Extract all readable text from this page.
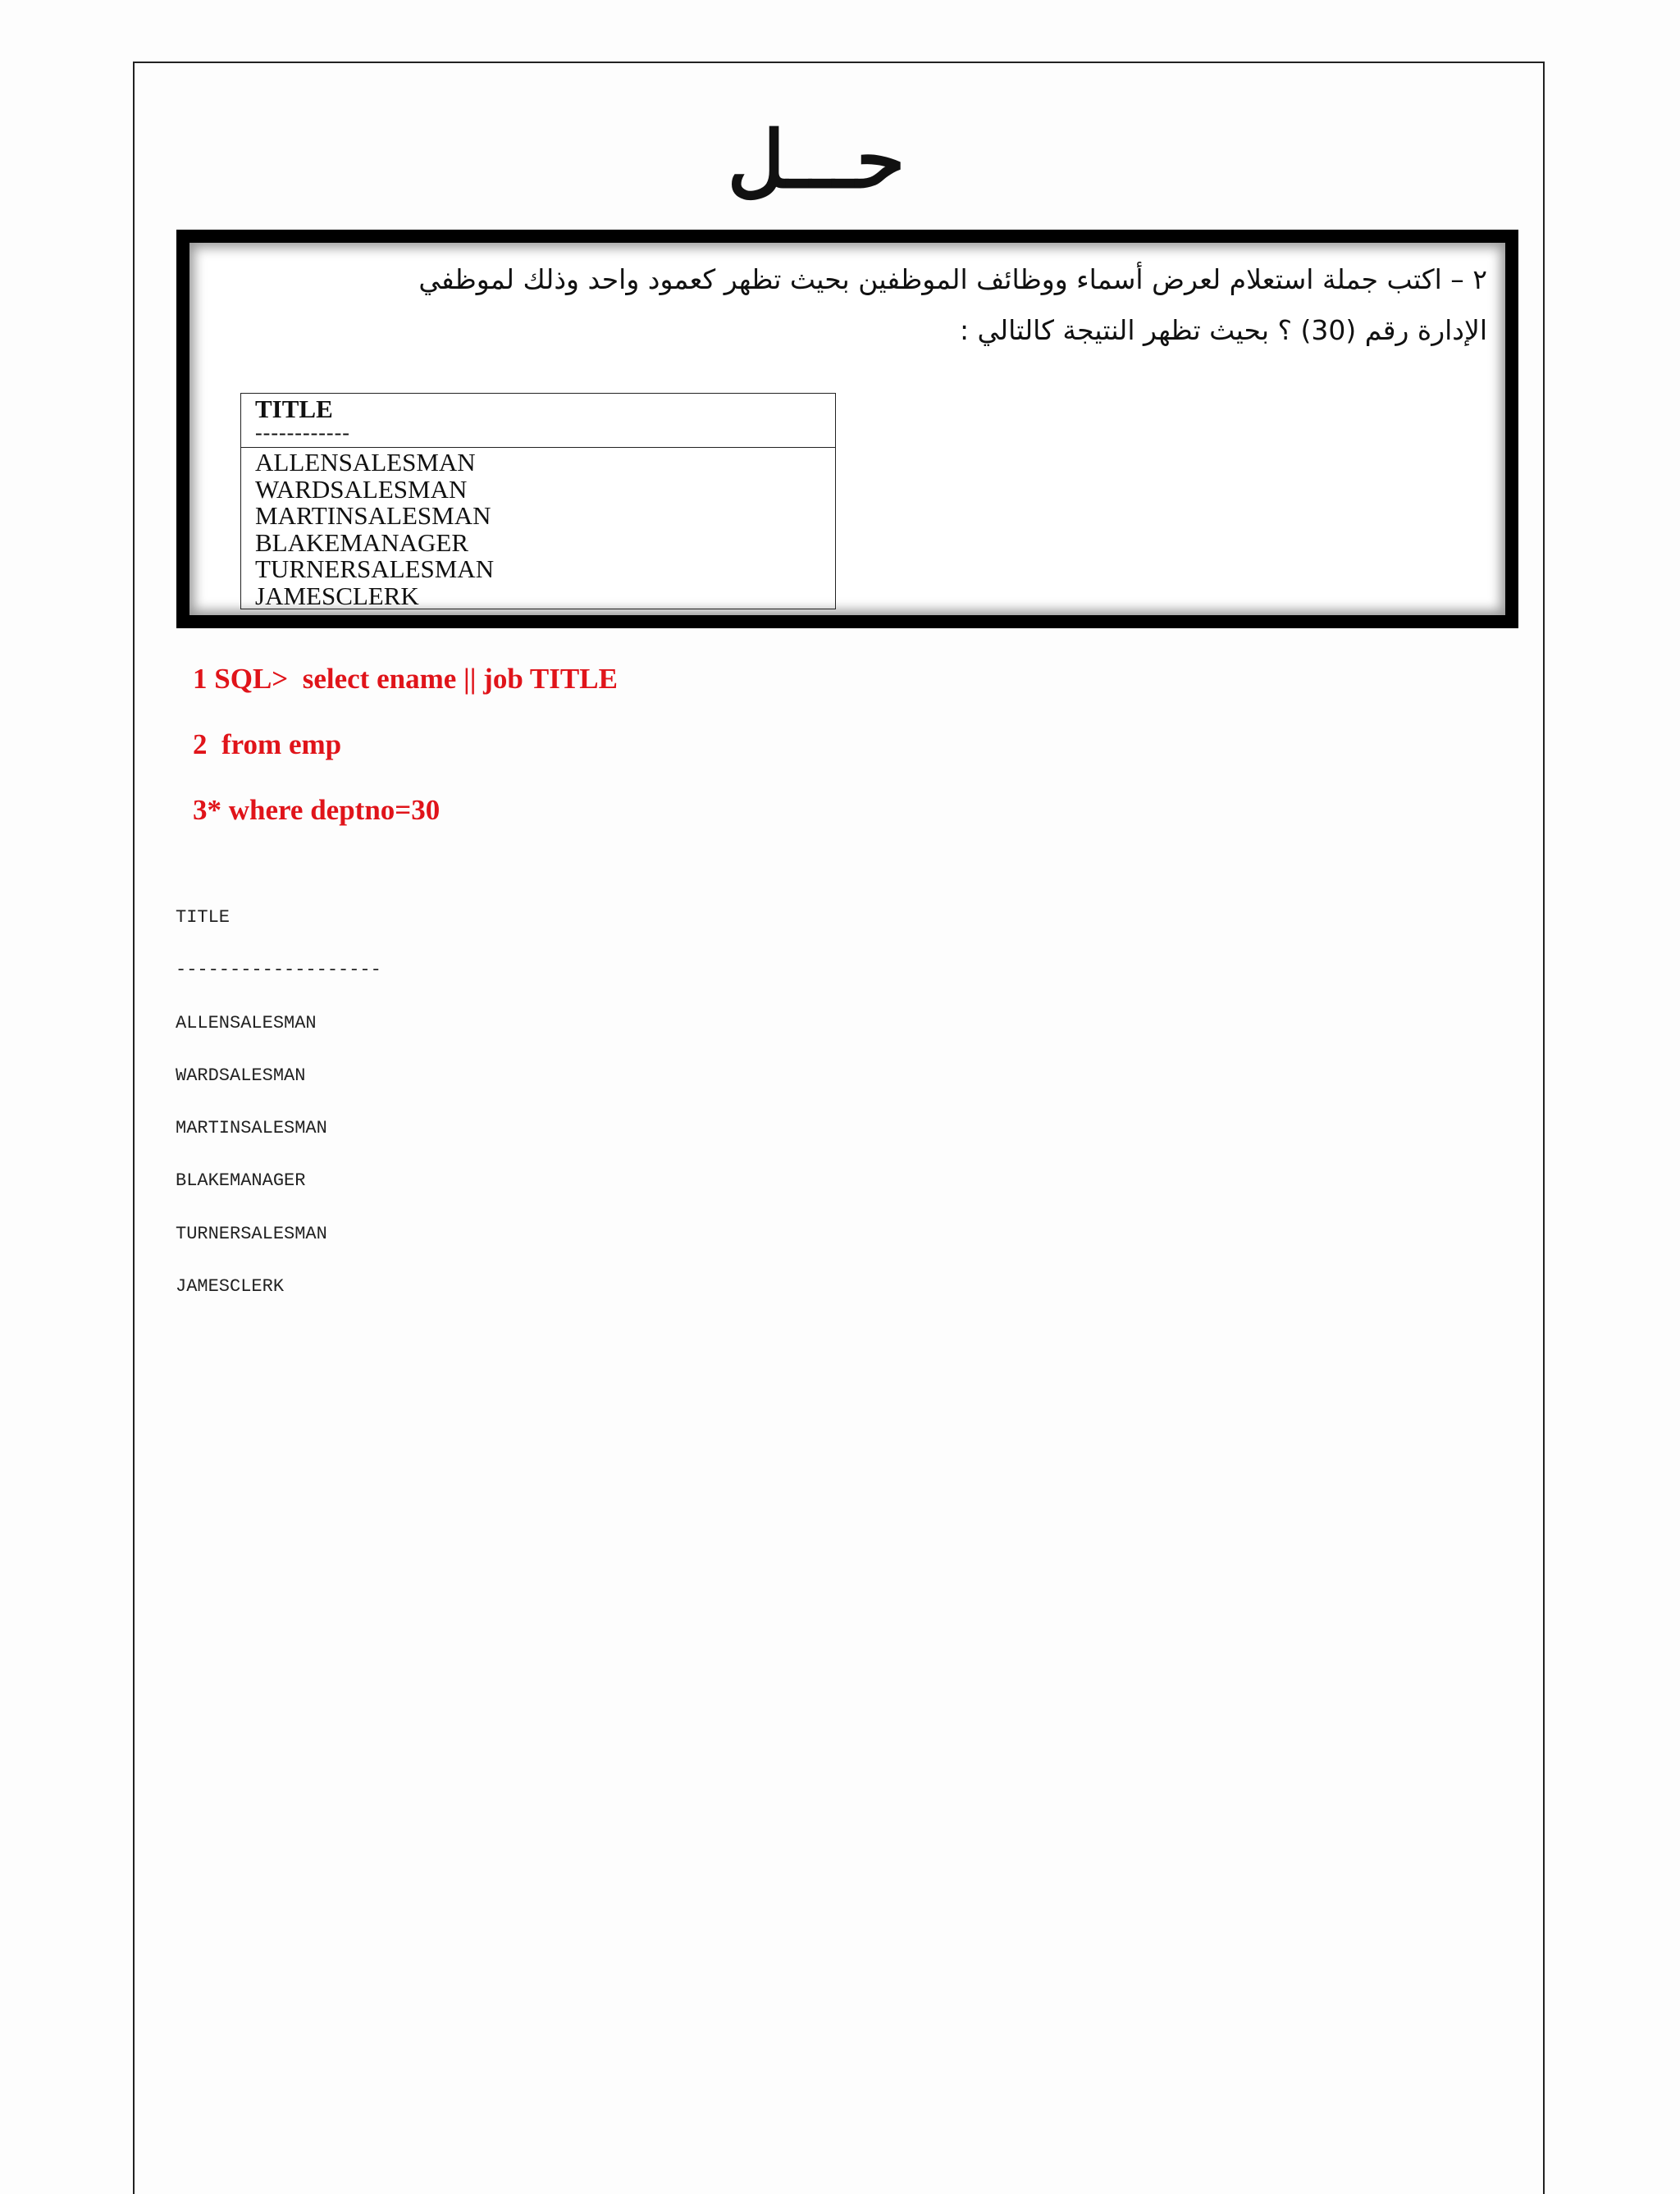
حـــل
٢ – اكتب جملة استعلام لعرض أسماء ووظائف الموظفين بحيث تظهر كعمود واحد وذلك لموظفي
الإدارة رقم (30) ؟ بحيث تظهر النتيجة كالتالي :
TITLE
------------
ALLENSALESMAN
WARDSALESMAN
MARTINSALESMAN
BLAKEMANAGER
TURNERSALESMAN
JAMESCLERK
1 SQL>  select ename || job TITLE
2  from emp
3* where deptno=30
TITLE
-------------------
ALLENSALESMAN
WARDSALESMAN
MARTINSALESMAN
BLAKEMANAGER
TURNERSALESMAN
JAMESCLERK
